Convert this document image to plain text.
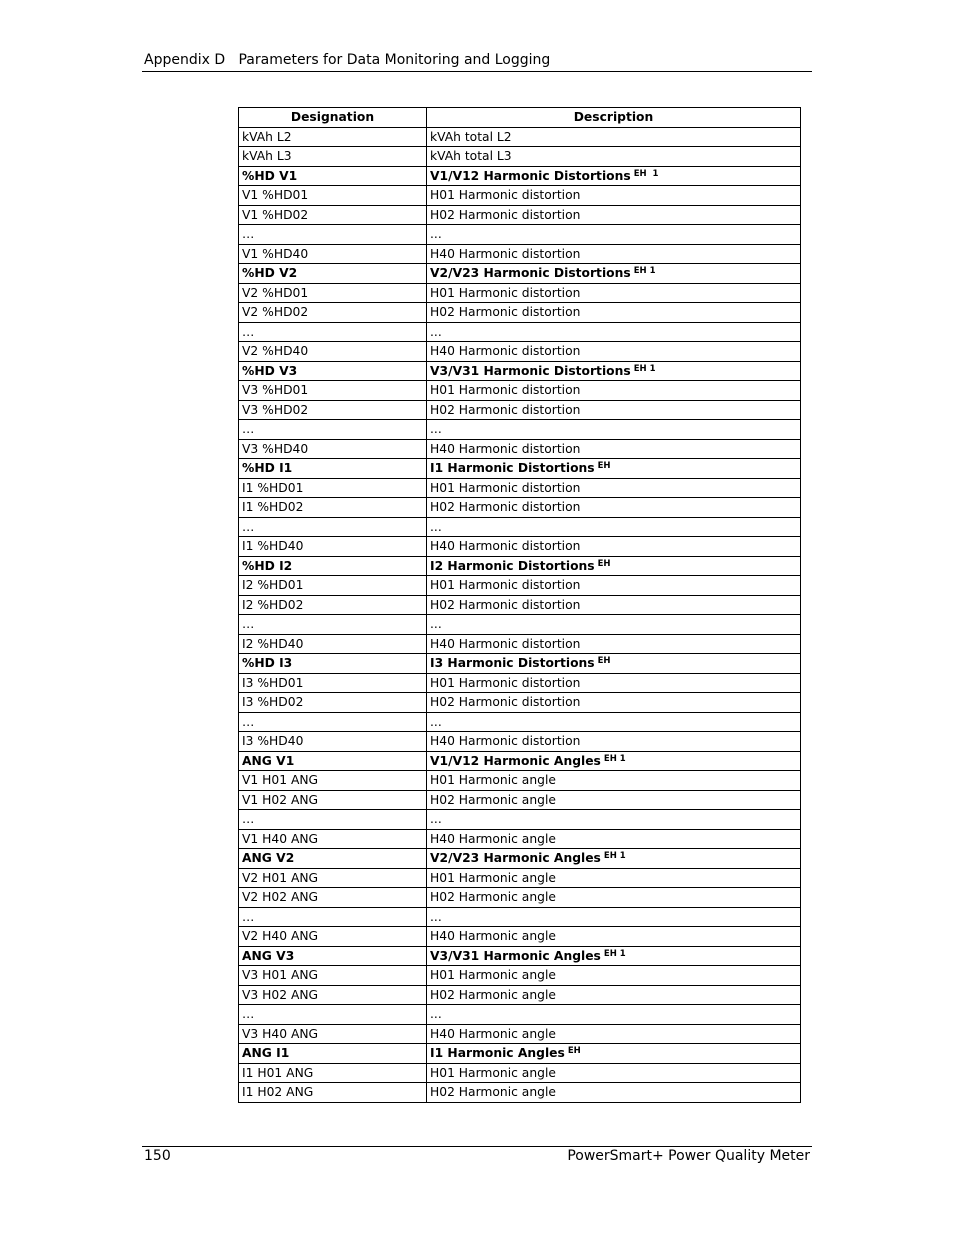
Appendix D   Parameters for Data Monitoring and Logging
Designation	Description
kVAh L2	kVAh total L2
kVAh L3	kVAh total L3
%HD V1	V1/V12 Harmonic Distortions $^{EH 1}$
V1 %HD01	H01 Harmonic distortion
V1 %HD02	H02 Harmonic distortion
…	...
V1 %HD40	H40 Harmonic distortion
%HD V2	V2/V23 Harmonic Distortions $^{EH 1}$
V2 %HD01	H01 Harmonic distortion
V2 %HD02	H02 Harmonic distortion
…	...
V2 %HD40	H40 Harmonic distortion
%HD V3	V3/V31 Harmonic Distortions $^{EH 1}$
V3 %HD01	H01 Harmonic distortion
V3 %HD02	H02 Harmonic distortion
…	...
V3 %HD40	H40 Harmonic distortion
%HD I1	I1 Harmonic Distortions $^{EH}$
I1 %HD01	H01 Harmonic distortion
I1 %HD02	H02 Harmonic distortion
…	...
I1 %HD40	H40 Harmonic distortion
%HD I2	I2 Harmonic Distortions $^{EH}$
I2 %HD01	H01 Harmonic distortion
I2 %HD02	H02 Harmonic distortion
…	...
I2 %HD40	H40 Harmonic distortion
%HD I3	I3 Harmonic Distortions $^{EH}$
I3 %HD01	H01 Harmonic distortion
I3 %HD02	H02 Harmonic distortion
…	...
I3 %HD40	H40 Harmonic distortion
ANG V1	V1/V12 Harmonic Angles $^{EH 1}$
V1 H01 ANG	H01 Harmonic angle
V1 H02 ANG	H02 Harmonic angle
…	...
V1 H40 ANG	H40 Harmonic angle
ANG V2	V2/V23 Harmonic Angles $^{EH 1}$
V2 H01 ANG	H01 Harmonic angle
V2 H02 ANG	H02 Harmonic angle
…	...
V2 H40 ANG	H40 Harmonic angle
ANG V3	V3/V31 Harmonic Angles $^{EH 1}$
V3 H01 ANG	H01 Harmonic angle
V3 H02 ANG	H02 Harmonic angle
…	...
V3 H40 ANG	H40 Harmonic angle
ANG I1	I1 Harmonic Angles $^{EH}$
I1 H01 ANG	H01 Harmonic angle
I1 H02 ANG	H02 Harmonic angle
150	PowerSmart+ Power Quality Meter
